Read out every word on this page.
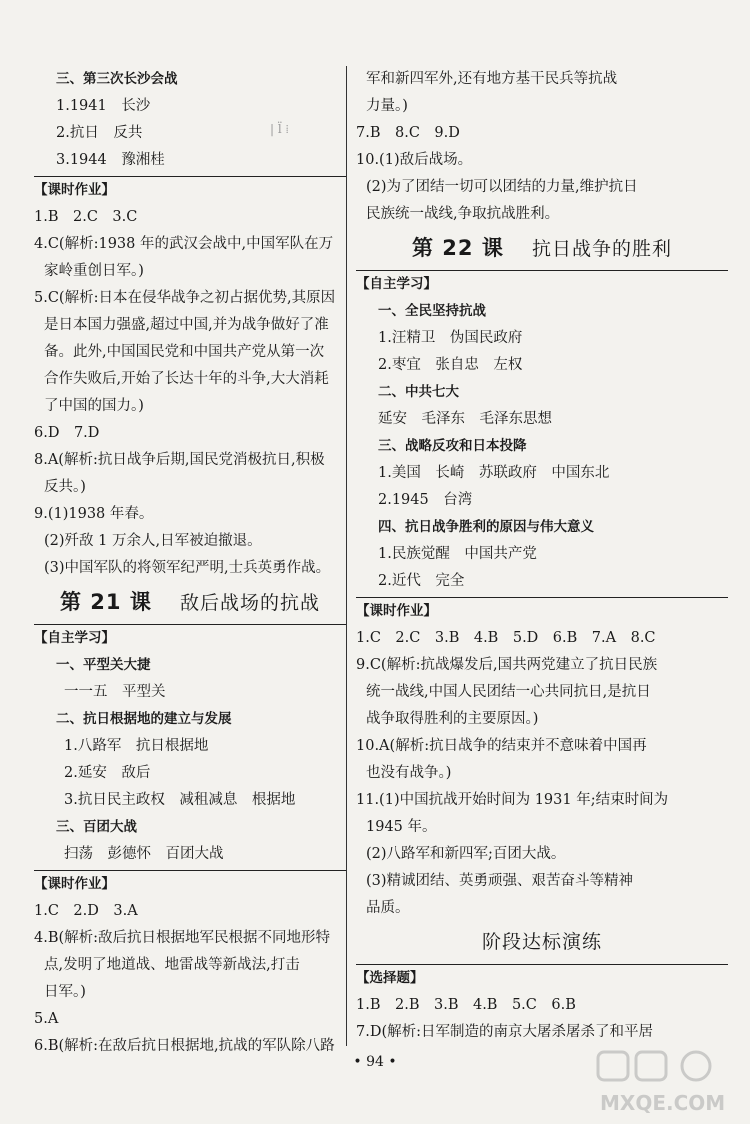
| l̈ ⁞
三、第三次长沙会战
1.1941　长沙
2.抗日　反共
3.1944　豫湘桂
【课时作业】
1.B　2.C　3.C
4.C(解析:1938 年的武汉会战中,中国军队在万
家岭重创日军。)
5.C(解析:日本在侵华战争之初占据优势,其原因
是日本国力强盛,超过中国,并为战争做好了准
备。此外,中国国民党和中国共产党从第一次
合作失败后,开始了长达十年的斗争,大大消耗
了中国的国力。)
6.D　7.D
8.A(解析:抗日战争后期,国民党消极抗日,积极
反共。)
9.(1)1938 年春。
(2)歼敌 1 万余人,日军被迫撤退。
(3)中国军队的将领军纪严明,士兵英勇作战。
第 21 课 敌后战场的抗战
【自主学习】
一、平型关大捷
一一五　平型关
二、抗日根据地的建立与发展
1.八路军　抗日根据地
2.延安　敌后
3.抗日民主政权　减租减息　根据地
三、百团大战
扫荡　彭德怀　百团大战
【课时作业】
1.C　2.D　3.A
4.B(解析:敌后抗日根据地军民根据不同地形特
点,发明了地道战、地雷战等新战法,打击
日军。)
5.A
6.B(解析:在敌后抗日根据地,抗战的军队除八路
军和新四军外,还有地方基干民兵等抗战
力量。)
7.B　8.C　9.D
10.(1)敌后战场。
(2)为了团结一切可以团结的力量,维护抗日
民族统一战线,争取抗战胜利。
第 22 课 抗日战争的胜利
【自主学习】
一、全民坚持抗战
1.汪精卫　伪国民政府
2.枣宜　张自忠　左权
二、中共七大
延安　毛泽东　毛泽东思想
三、战略反攻和日本投降
1.美国　长崎　苏联政府　中国东北
2.1945　台湾
四、抗日战争胜利的原因与伟大意义
1.民族觉醒　中国共产党
2.近代　完全
【课时作业】
1.C　2.C　3.B　4.B　5.D　6.B　7.A　8.C
9.C(解析:抗战爆发后,国共两党建立了抗日民族
统一战线,中国人民团结一心共同抗日,是抗日
战争取得胜利的主要原因。)
10.A(解析:抗日战争的结束并不意味着中国再
也没有战争。)
11.(1)中国抗战开始时间为 1931 年;结束时间为
1945 年。
(2)八路军和新四军;百团大战。
(3)精诚团结、英勇顽强、艰苦奋斗等精神
品质。
阶段达标演练
【选择题】
1.B　2.B　3.B　4.B　5.C　6.B
7.D(解析:日军制造的南京大屠杀屠杀了和平居
• 94 •
MXQE.COM
